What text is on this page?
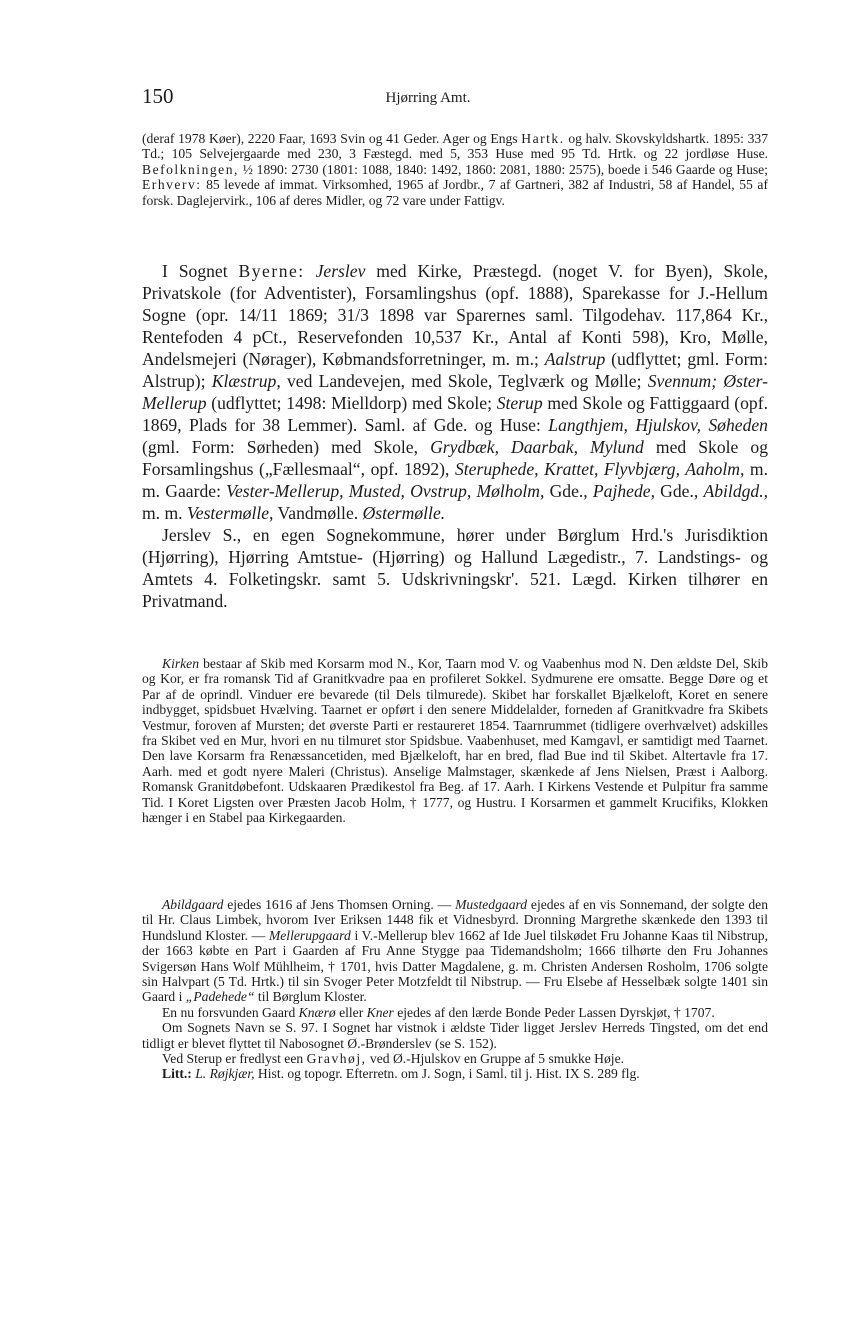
150	Hjørring Amt.

(deraf 1978 Køer), 2220 Faar, 1693 Svin og 41 Geder. Ager og Engs Hartk. og halv. Skovskyldshartk. 1895: 337 Td.; 105 Selvejergaarde med 230, 3 Fæstegd. med 5, 353 Huse med 95 Td. Hrtk. og 22 jordløse Huse. Befolkningen, ½ 1890: 2730 (1801: 1088, 1840: 1492, 1860: 2081, 1880: 2575), boede i 546 Gaarde og Huse; Erhverv: 85 levede af immat. Virksomhed, 1965 af Jordbr., 7 af Gartneri, 382 af Industri, 58 af Handel, 55 af forsk. Daglejervirk., 106 af deres Midler, og 72 vare under Fattigv.

I Sognet Byerne: Jerslev med Kirke, Præstegd. (noget V. for Byen), Skole, Privatskole (for Adventister), Forsamlingshus (opf. 1888), Sparekasse for J.-Hellum Sogne (opr. 14/11 1869; 31/3 1898 var Sparernes saml. Tilgodehav. 117,864 Kr., Rentefoden 4 pCt., Reservefonden 10,537 Kr., Antal af Konti 598), Kro, Mølle, Andelsmejeri (Nørager), Købmandsforretninger, m. m.; Aalstrup (udflyttet; gml. Form: Alstrup); Klæstrup, ved Landevejen, med Skole, Teglværk og Mølle; Svennum; Øster-Mellerup (udflyttet; 1498: Mielldorp) med Skole; Sterup med Skole og Fattiggaard (opf. 1869, Plads for 38 Lemmer). Saml. af Gde. og Huse: Langthjem, Hjulskov, Søheden (gml. Form: Sørheden) med Skole, Grydbæk, Daarbak, Mylund med Skole og Forsamlingshus („Fællesmaal“, opf. 1892), Steruphede, Krattet, Flyvbjærg, Aaholm, m. m. Gaarde: Vester-Mellerup, Musted, Ovstrup, Mølholm, Gde., Pajhede, Gde., Abildgd., m. m. Vestermølle, Vandmølle. Østermølle.

Jerslev S., en egen Sognekommune, hører under Børglum Hrd.'s Jurisdiktion (Hjørring), Hjørring Amtstue- (Hjørring) og Hallund Lægedistr., 7. Landstings- og Amtets 4. Folketingskr. samt 5. Udskrivningskr'. 521. Lægd. Kirken tilhører en Privatmand.

Kirken bestaar af Skib med Korsarm mod N., Kor, Taarn mod V. og Vaabenhus mod N. Den ældste Del, Skib og Kor, er fra romansk Tid af Granitkvadre paa en profileret Sokkel. Sydmurene ere omsatte. Begge Døre og et Par af de oprindl. Vinduer ere bevarede (til Dels tilmurede). Skibet har forskallet Bjælkeloft, Koret en senere indbygget, spidsbuet Hvælving. Taarnet er opført i den senere Middelalder, forneden af Granitkvadre fra Skibets Vestmur, foroven af Mursten; det øverste Parti er restaureret 1854. Taarnrummet (tidligere overhvælvet) adskilles fra Skibet ved en Mur, hvori en nu tilmuret stor Spidsbue. Vaabenhuset, med Kamgavl, er samtidigt med Taarnet. Den lave Korsarm fra Renæssancetiden, med Bjælkeloft, har en bred, flad Bue ind til Skibet. Altertavle fra 17. Aarh. med et godt nyere Maleri (Christus). Anselige Malmstager, skænkede af Jens Nielsen, Præst i Aalborg. Romansk Granitdøbefont. Udskaaren Prædikestol fra Beg. af 17. Aarh. I Kirkens Vestende et Pulpitur fra samme Tid. I Koret Ligsten over Præsten Jacob Holm, † 1777, og Hustru. I Korsarmen et gammelt Krucifiks, Klokken hænger i en Stabel paa Kirkegaarden.

Abildgaard ejedes 1616 af Jens Thomsen Orning. — Mustedgaard ejedes af en vis Sonnemand, der solgte den til Hr. Claus Limbek, hvorom Iver Eriksen 1448 fik et Vidnesbyrd. Dronning Margrethe skænkede den 1393 til Hundslund Kloster. — Mellerupgaard i V.-Mellerup blev 1662 af Ide Juel tilskødet Fru Johanne Kaas til Nibstrup, der 1663 købte en Part i Gaarden af Fru Anne Stygge paa Tidemandsholm; 1666 tilhørte den Fru Johannes Svigersøn Hans Wolf Mühlheim, † 1701, hvis Datter Magdalene, g. m. Christen Andersen Rosholm, 1706 solgte sin Halvpart (5 Td. Hrtk.) til sin Svoger Peter Motzfeldt til Nibstrup. — Fru Elsebe af Hesselbæk solgte 1401 sin Gaard i „Padehede“ til Børglum Kloster.

En nu forsvunden Gaard Knærø eller Kner ejedes af den lærde Bonde Peder Lassen Dyrskjøt, † 1707.

Om Sognets Navn se S. 97. I Sognet har vistnok i ældste Tider ligget Jerslev Herreds Tingsted, om det end tidligt er blevet flyttet til Nabosognet Ø.-Brønderslev (se S. 152).

Ved Sterup er fredlyst een Gravhøj, ved Ø.-Hjulskov en Gruppe af 5 smukke Høje.

Litt.: L. Røjkjær, Hist. og topogr. Efterretn. om J. Sogn, i Saml. til j. Hist. IX S. 289 flg.
